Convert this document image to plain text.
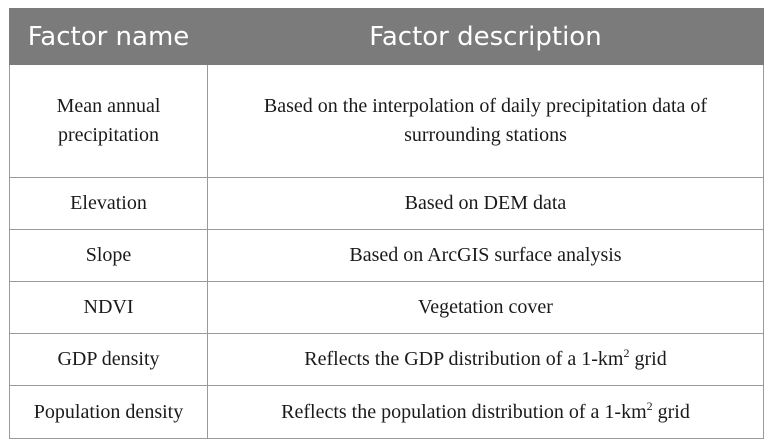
Factor name	Factor description
Mean annual precipitation	Based on the interpolation of daily precipitation data of surrounding stations
Elevation	Based on DEM data
Slope	Based on ArcGIS surface analysis
NDVI	Vegetation cover
GDP density	Reflects the GDP distribution of a $1-km^2$ grid
Population density	Reflects the population distribution of a $1-km^2$ grid
